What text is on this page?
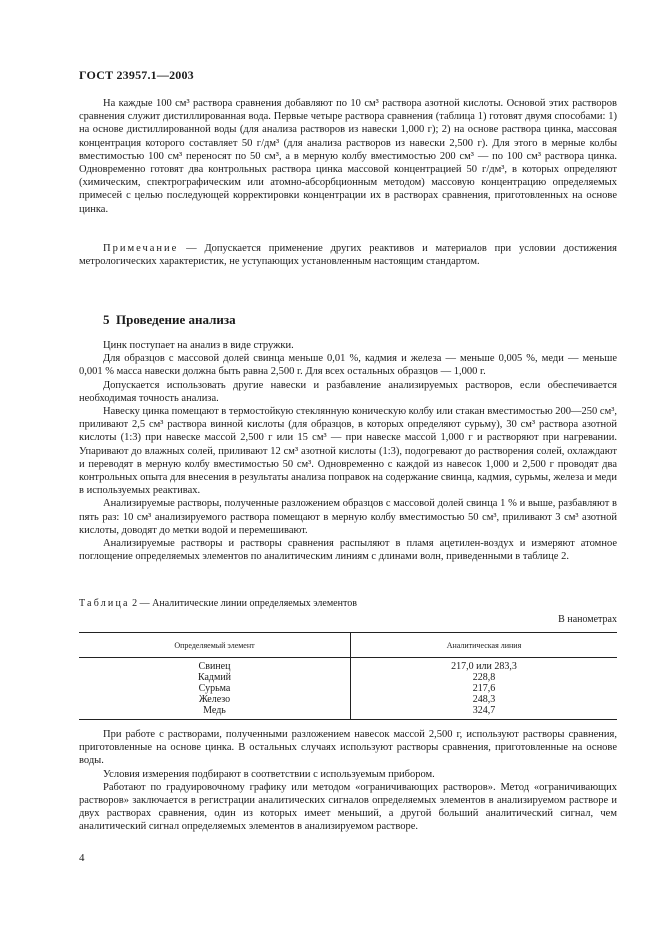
ГОСТ 23957.1—2003

На каждые 100 см³ раствора сравнения добавляют по 10 см³ раствора азотной кислоты. Основой этих растворов сравнения служит дистиллированная вода. Первые четыре раствора сравнения (таблица 1) готовят двумя способами: 1) на основе дистиллированной воды (для анализа растворов из навески 1,000 г); 2) на основе раствора цинка, массовая концентрация которого составляет 50 г/дм³ (для анализа растворов из навески 2,500 г). Для этого в мерные колбы вместимостью 100 см³ переносят по 50 см³, а в мерную колбу вместимостью 200 см³ — по 100 см³ раствора цинка. Одновременно готовят два контрольных раствора цинка массовой концентрацией 50 г/дм³, в которых определяют (химическим, спектрографическим или атомно-абсорбционным методом) массовую концентрацию определяемых примесей с целью последующей корректировки концентрации их в растворах сравнения, приготовленных на основе цинка.

Примечание — Допускается применение других реактивов и материалов при условии достижения метрологических характеристик, не уступающих установленным настоящим стандартом.

5 Проведение анализа

Цинк поступает на анализ в виде стружки.

Для образцов с массовой долей свинца меньше 0,01 %, кадмия и железа — меньше 0,005 %, меди — меньше 0,001 % масса навески должна быть равна 2,500 г. Для всех остальных образцов — 1,000 г.

Допускается использовать другие навески и разбавление анализируемых растворов, если обеспечивается необходимая точность анализа.

Навеску цинка помещают в термостойкую стеклянную коническую колбу или стакан вместимостью 200—250 см³, приливают 2,5 см³ раствора винной кислоты (для образцов, в которых определяют сурьму), 30 см³ раствора азотной кислоты (1:3) при навеске массой 2,500 г или 15 см³ — при навеске массой 1,000 г и растворяют при нагревании. Упаривают до влажных солей, приливают 12 см³ азотной кислоты (1:3), подогревают до растворения солей, охлаждают и переводят в мерную колбу вместимостью 50 см³. Одновременно с каждой из навесок 1,000 и 2,500 г проводят два контрольных опыта для внесения в результаты анализа поправок на содержание свинца, кадмия, сурьмы, железа и меди в используемых реактивах.

Анализируемые растворы, полученные разложением образцов с массовой долей свинца 1 % и выше, разбавляют в пять раз: 10 см³ анализируемого раствора помещают в мерную колбу вместимостью 50 см³, приливают 3 см³ азотной кислоты, доводят до метки водой и перемешивают.

Анализируемые растворы и растворы сравнения распыляют в пламя ацетилен-воздух и измеряют атомное поглощение определяемых элементов по аналитическим линиям с длинами волн, приведенными в таблице 2.

Таблица 2 — Аналитические линии определяемых элементов
В нанометрах
Определяемый элемент	Аналитическая линия
Свинец	217,0 или 283,3
Кадмий	228,8
Сурьма	217,6
Железо	248,3
Медь	324,7

При работе с растворами, полученными разложением навесок массой 2,500 г, используют растворы сравнения, приготовленные на основе цинка. В остальных случаях используют растворы сравнения, приготовленные на основе воды.

Условия измерения подбирают в соответствии с используемым прибором.

Работают по градуировочному графику или методом «ограничивающих растворов». Метод «ограничивающих растворов» заключается в регистрации аналитических сигналов определяемых элементов в анализируемом растворе и двух растворах сравнения, один из которых имеет меньший, а другой больший аналитический сигнал, чем аналитический сигнал определяемых элементов в анализируемом растворе.

4
